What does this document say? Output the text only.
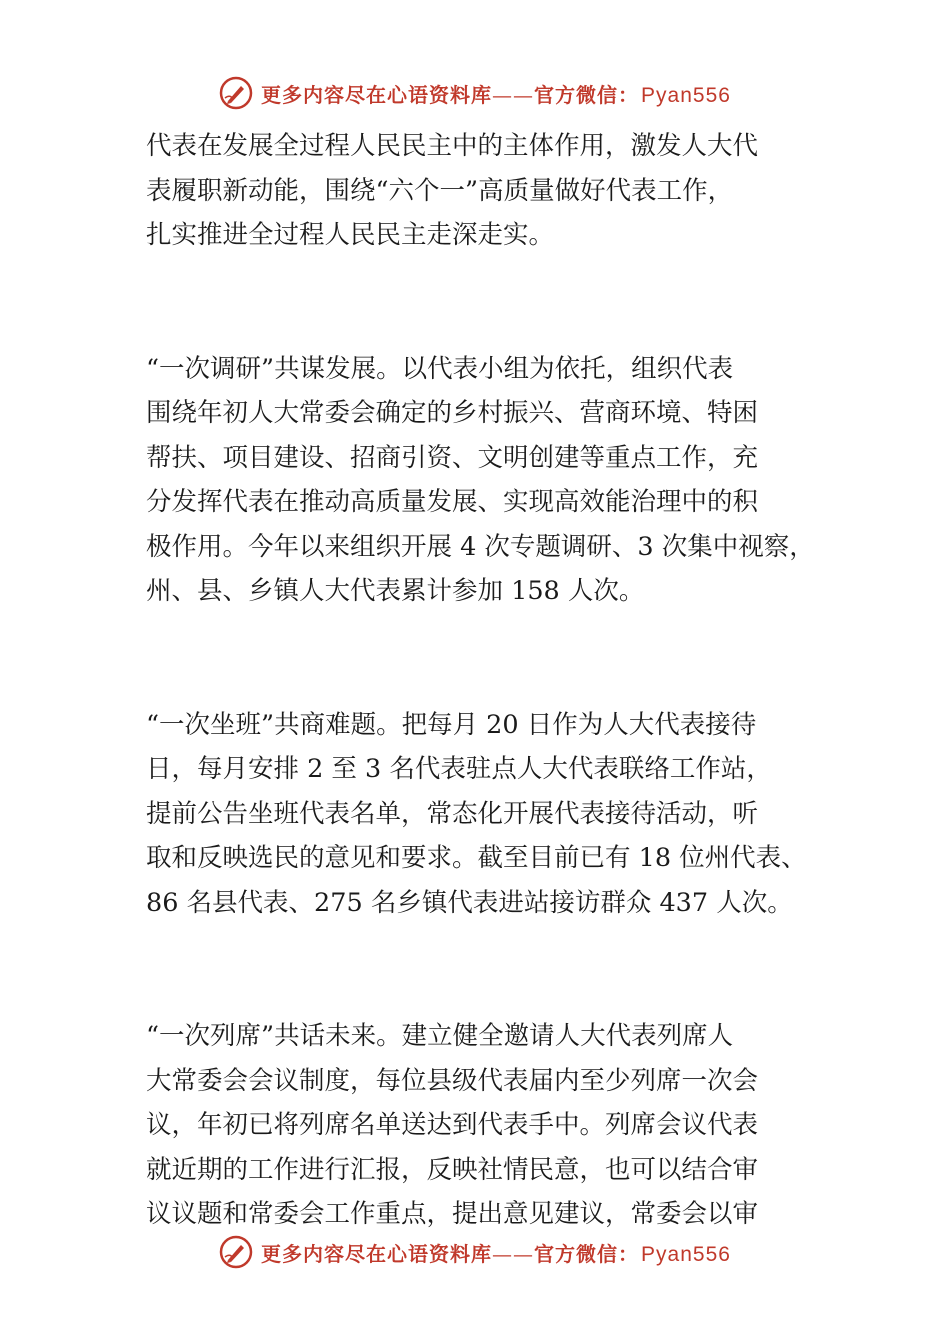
更多内容尽在心语资料库——官方微信：Pyan556
代表在发展全过程人民民主中的主体作用，激发人大代
表履职新动能，围绕“六个一”高质量做好代表工作，
扎实推进全过程人民民主走深走实。
“一次调研”共谋发展。以代表小组为依托，组织代表
围绕年初人大常委会确定的乡村振兴、营商环境、特困
帮扶、项目建设、招商引资、文明创建等重点工作，充
分发挥代表在推动高质量发展、实现高效能治理中的积
极作用。今年以来组织开展 4 次专题调研、3 次集中视察，
州、县、乡镇人大代表累计参加 158 人次。
“一次坐班”共商难题。把每月 20 日作为人大代表接待
日，每月安排 2 至 3 名代表驻点人大代表联络工作站，
提前公告坐班代表名单，常态化开展代表接待活动，听
取和反映选民的意见和要求。截至目前已有 18 位州代表、
86 名县代表、275 名乡镇代表进站接访群众 437 人次。
“一次列席”共话未来。建立健全邀请人大代表列席人
大常委会会议制度，每位县级代表届内至少列席一次会
议，年初已将列席名单送达到代表手中。列席会议代表
就近期的工作进行汇报，反映社情民意，也可以结合审
议议题和常委会工作重点，提出意见建议，常委会以审
更多内容尽在心语资料库——官方微信：Pyan556
